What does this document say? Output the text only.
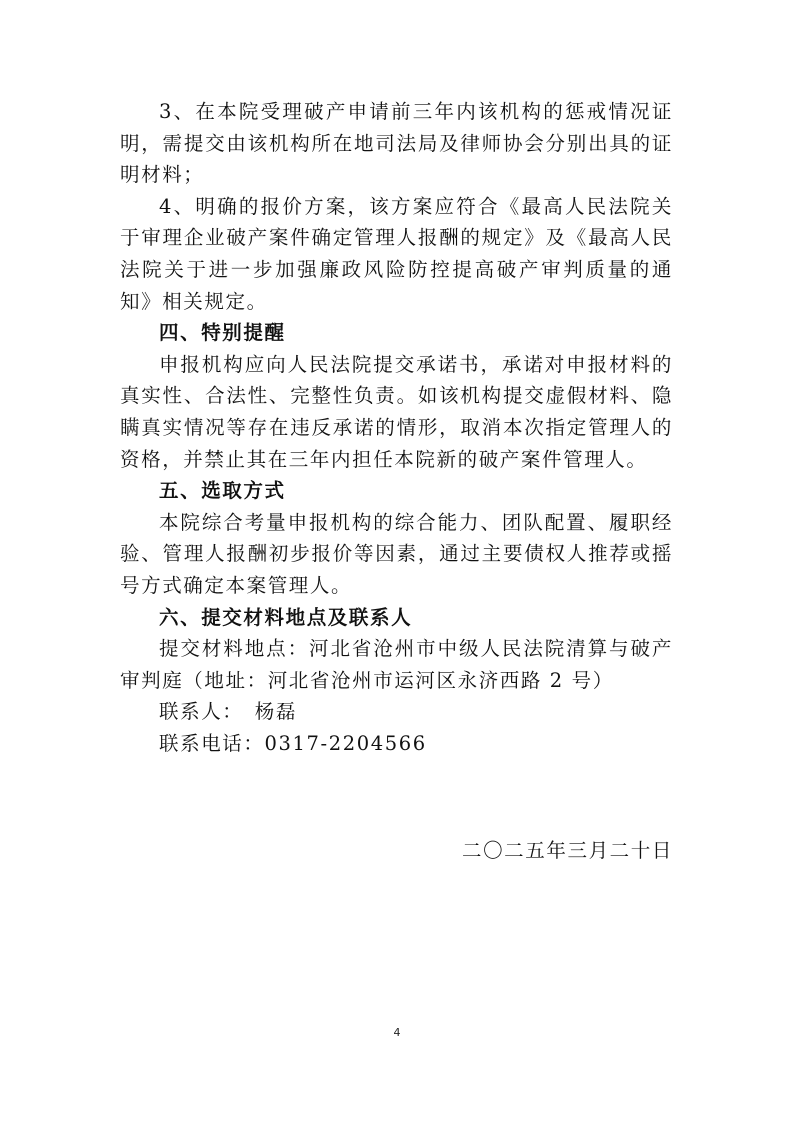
3、在本院受理破产申请前三年内该机构的惩戒情况证明，需提交由该机构所在地司法局及律师协会分别出具的证明材料；

4、明确的报价方案，该方案应符合《最高人民法院关于审理企业破产案件确定管理人报酬的规定》及《最高人民法院关于进一步加强廉政风险防控提高破产审判质量的通知》相关规定。

四、特别提醒

申报机构应向人民法院提交承诺书，承诺对申报材料的真实性、合法性、完整性负责。如该机构提交虚假材料、隐瞒真实情况等存在违反承诺的情形，取消本次指定管理人的资格，并禁止其在三年内担任本院新的破产案件管理人。

五、选取方式

本院综合考量申报机构的综合能力、团队配置、履职经验、管理人报酬初步报价等因素，通过主要债权人推荐或摇号方式确定本案管理人。

六、提交材料地点及联系人

提交材料地点：河北省沧州市中级人民法院清算与破产审判庭（地址：河北省沧州市运河区永济西路 2 号）

联系人：　杨磊

联系电话：0317-2204566

二〇二五年三月二十日
4
